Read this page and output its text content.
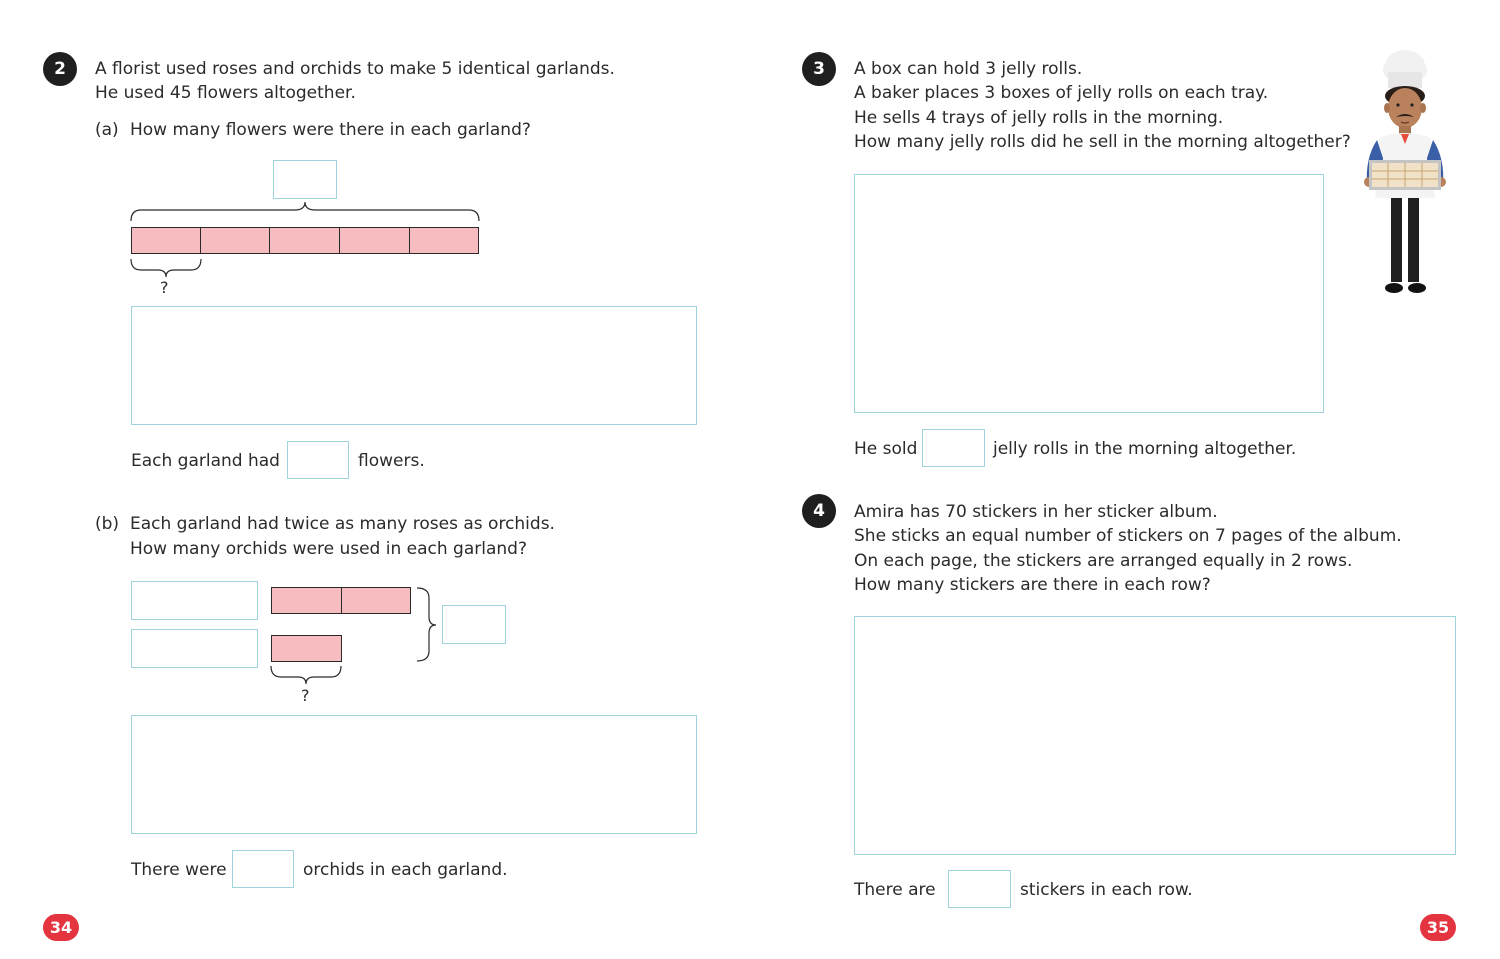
2	A florist used roses and orchids to make 5 identical garlands.
He used 45 flowers altogether.
(a) How many flowers were there in each garland?
?
Each garland had	flowers.
(b) Each garland had twice as many roses as orchids.
How many orchids were used in each garland?
?
There were	orchids in each garland.
34
3	A box can hold 3 jelly rolls.
A baker places 3 boxes of jelly rolls on each tray.
He sells 4 trays of jelly rolls in the morning.
How many jelly rolls did he sell in the morning altogether?
He sold	jelly rolls in the morning altogether.
4	Amira has 70 stickers in her sticker album.
She sticks an equal number of stickers on 7 pages of the album.
On each page, the stickers are arranged equally in 2 rows.
How many stickers are there in each row?
There are	stickers in each row.
35
